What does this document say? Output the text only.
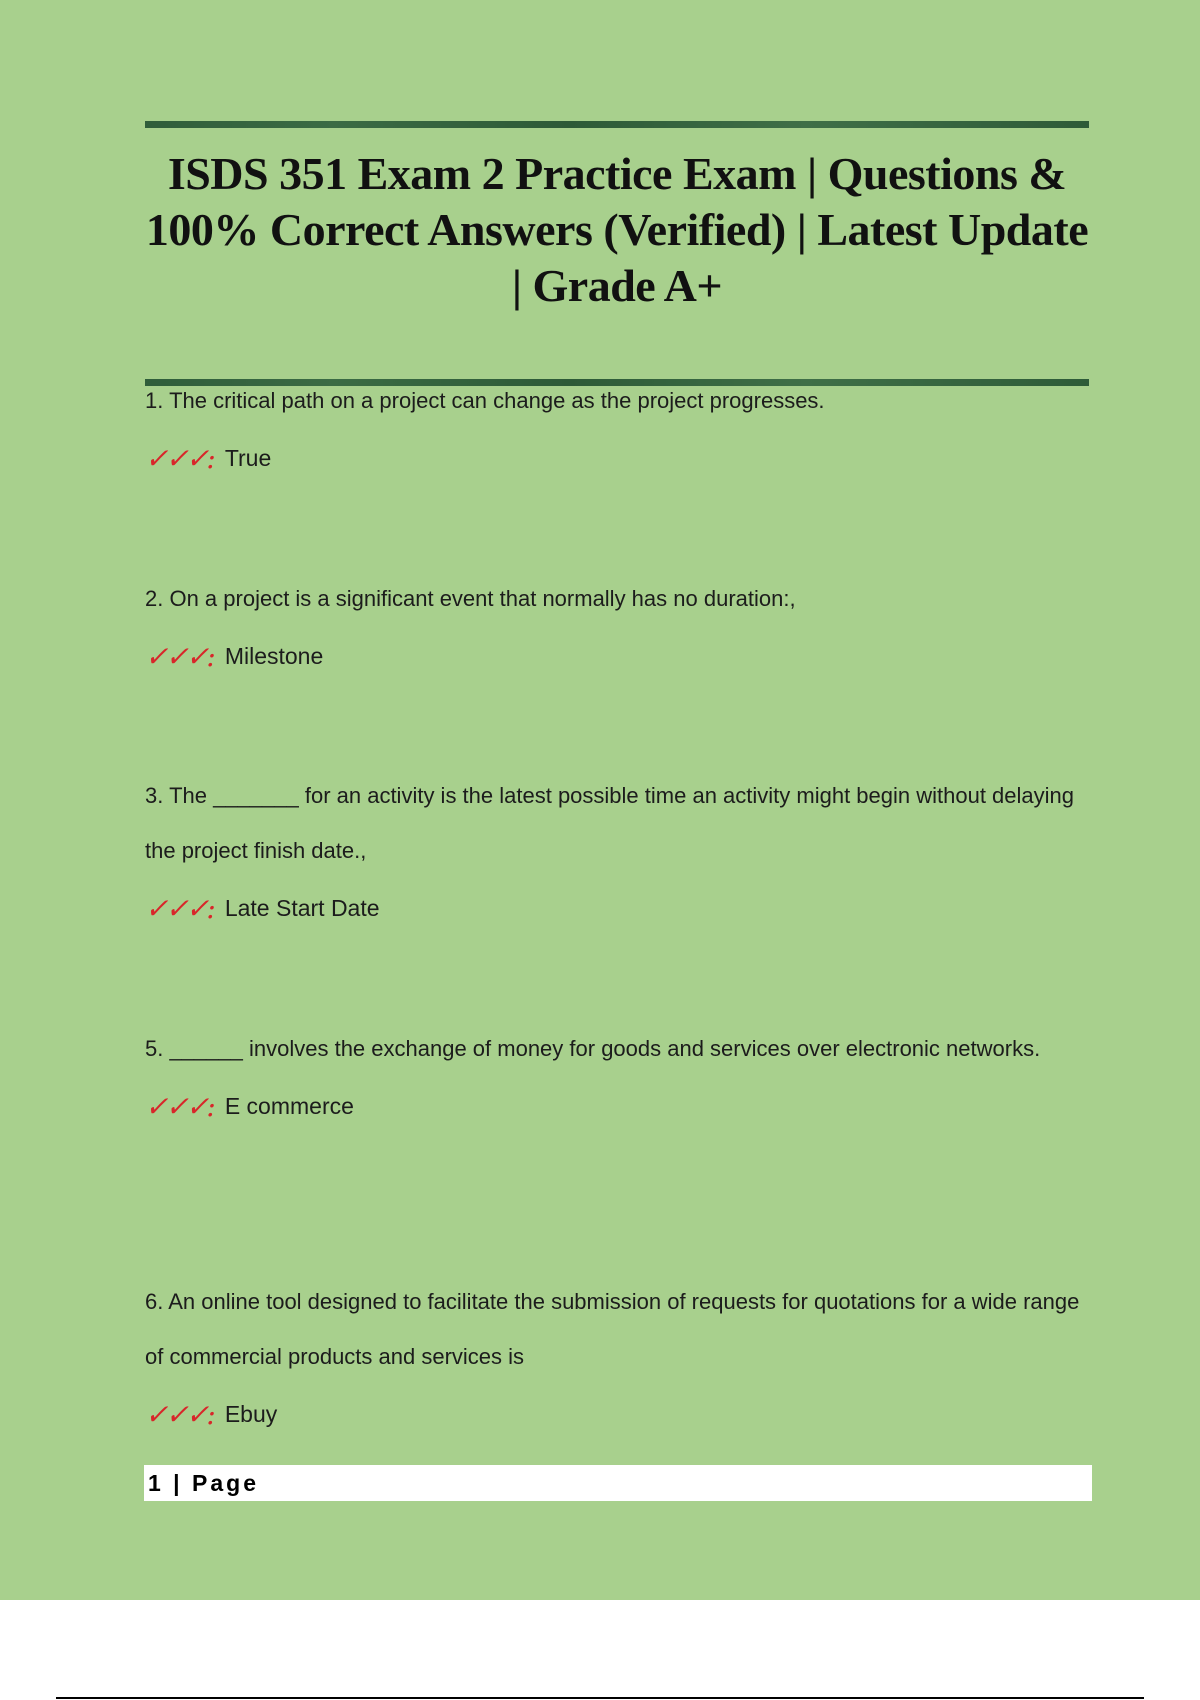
ISDS 351 Exam 2 Practice Exam | Questions & 100% Correct Answers (Verified) | Latest Update | Grade A+

1. The critical path on a project can change as the project progresses.

✓✓✓: True

2. On a project is a significant event that normally has no duration:,

✓✓✓: Milestone

3. The _______ for an activity is the latest possible time an activity might begin without delaying the project finish date.,

✓✓✓: Late Start Date

5. ______ involves the exchange of money for goods and services over electronic networks.

✓✓✓: E commerce

6. An online tool designed to facilitate the submission of requests for quotations for a wide range of commercial products and services is

✓✓✓: Ebuy
1 | Page
